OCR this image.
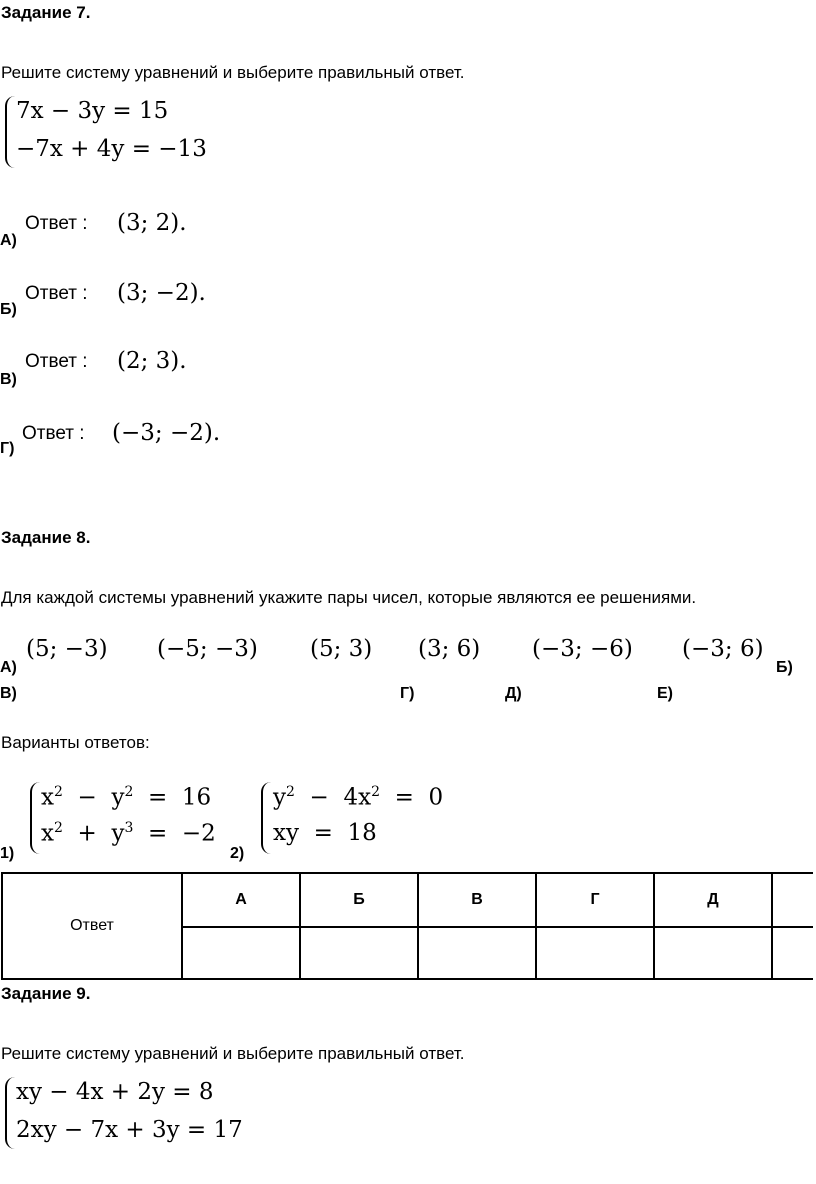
Задание 7.
Решите систему уравнений и выберите правильный ответ.
7x − 3y = 15
−7x + 4y = −13
А)
Ответ : (3; 2).
Б)
Ответ : (3; −2).
В)
Ответ : (2; 3).
Г)
Ответ : (−3; −2).
Задание 8.
Для каждой системы уравнений укажите пары чисел, которые являются ее решениями.
(5; −3) (−5; −3) (5; 3) (3; 6) (−3; −6) (−3; 6)
А)
В)	Г)	Д)	Е)
Б)
Варианты ответов:
1)
$x^2 - y^2 = 16$
$x^2 + y^3 = -2$
2)
$y^2 - 4x^2 = 0$
xy = 18
Ответ	А	Б	В	Г	Д	

Задание 9.
Решите систему уравнений и выберите правильный ответ.
xy − 4x + 2y = 8
2xy − 7x + 3y = 17
